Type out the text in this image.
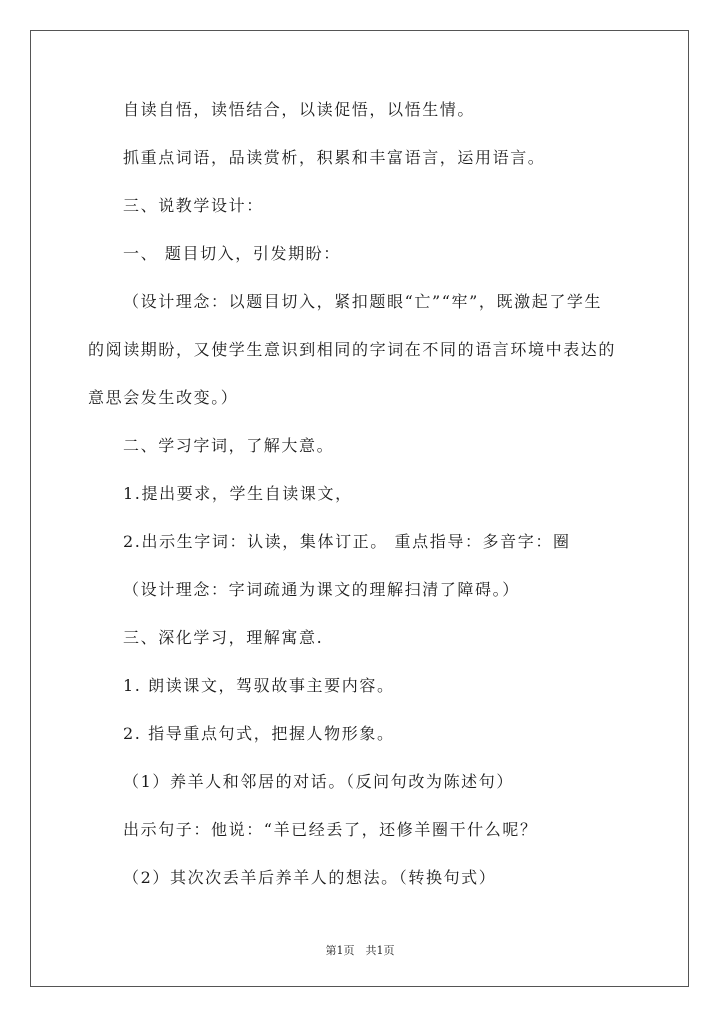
自读自悟，读悟结合，以读促悟，以悟生情。
抓重点词语，品读赏析，积累和丰富语言，运用语言。
三、说教学设计：
一、 题目切入，引发期盼：
（设计理念：以题目切入，紧扣题眼“亡”“牢”，既激起了学生
的阅读期盼，又使学生意识到相同的字词在不同的语言环境中表达的
意思会发生改变。）
二、学习字词，了解大意。
1.提出要求，学生自读课文，
2.出示生字词：认读，集体订正。 重点指导：多音字：圈
（设计理念：字词疏通为课文的理解扫清了障碍。）
三、深化学习，理解寓意.
1. 朗读课文，驾驭故事主要内容。
2. 指导重点句式，把握人物形象。
（1）养羊人和邻居的对话。（反问句改为陈述句）
出示句子：他说：“羊已经丢了，还修羊圈干什么呢？
（2）其次次丢羊后养羊人的想法。（转换句式）
第1页　共1页
